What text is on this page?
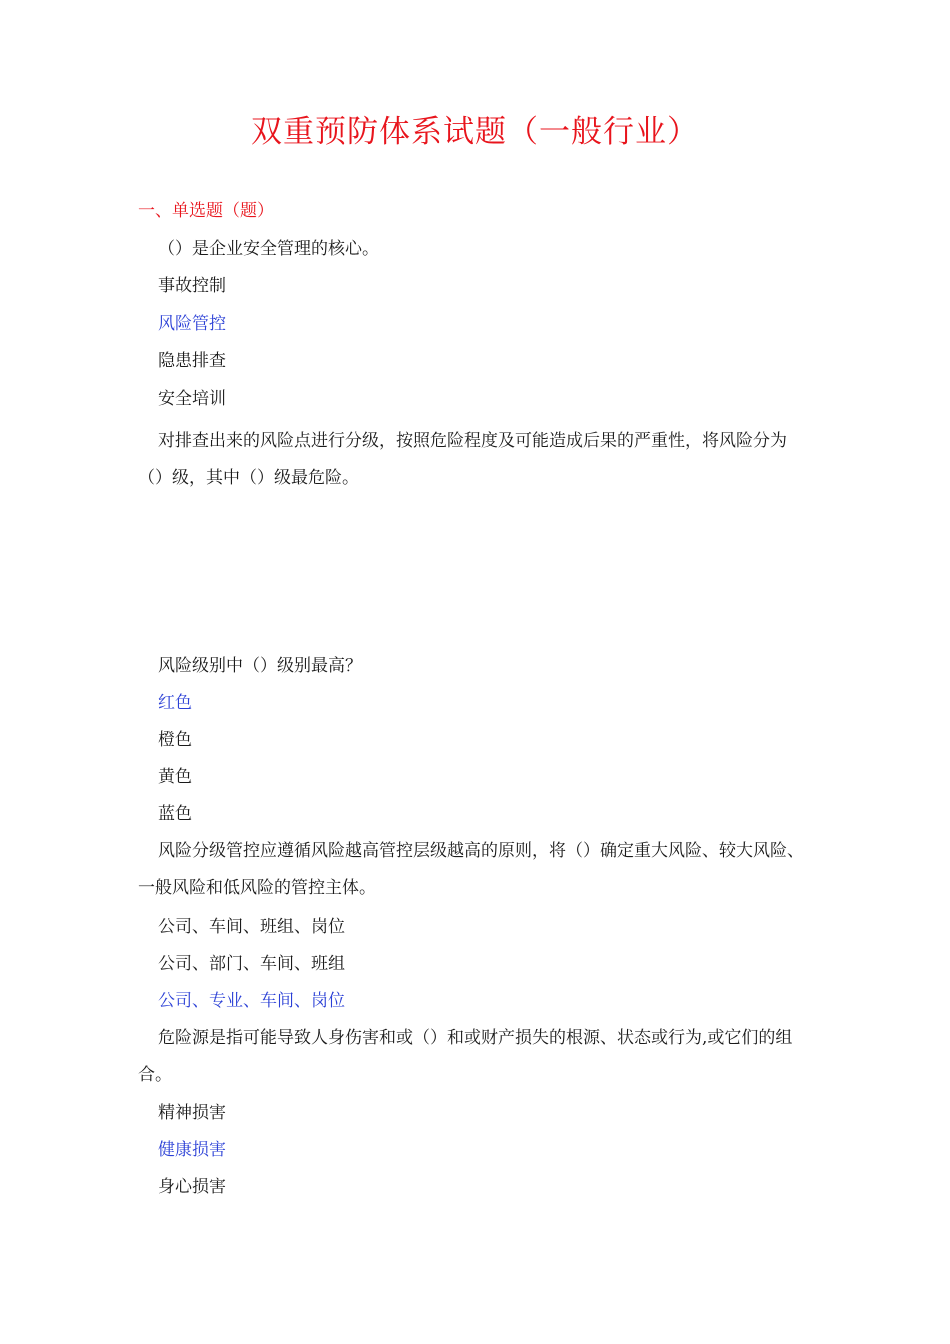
双重预防体系试题（一般行业）
一、单选题（题）
（）是企业安全管理的核心。
事故控制
风险管控
隐患排查
安全培训
对排查出来的风险点进行分级，按照危险程度及可能造成后果的严重性，将风险分为（）级，其中（）级最危险。
风险级别中（）级别最高？
红色
橙色
黄色
蓝色
风险分级管控应遵循风险越高管控层级越高的原则，将（）确定重大风险、较大风险、一般风险和低风险的管控主体。
公司、车间、班组、岗位
公司、部门、车间、班组
公司、专业、车间、岗位
危险源是指可能导致人身伤害和或（）和或财产损失的根源、状态或行为,或它们的组合。
精神损害
健康损害
身心损害
